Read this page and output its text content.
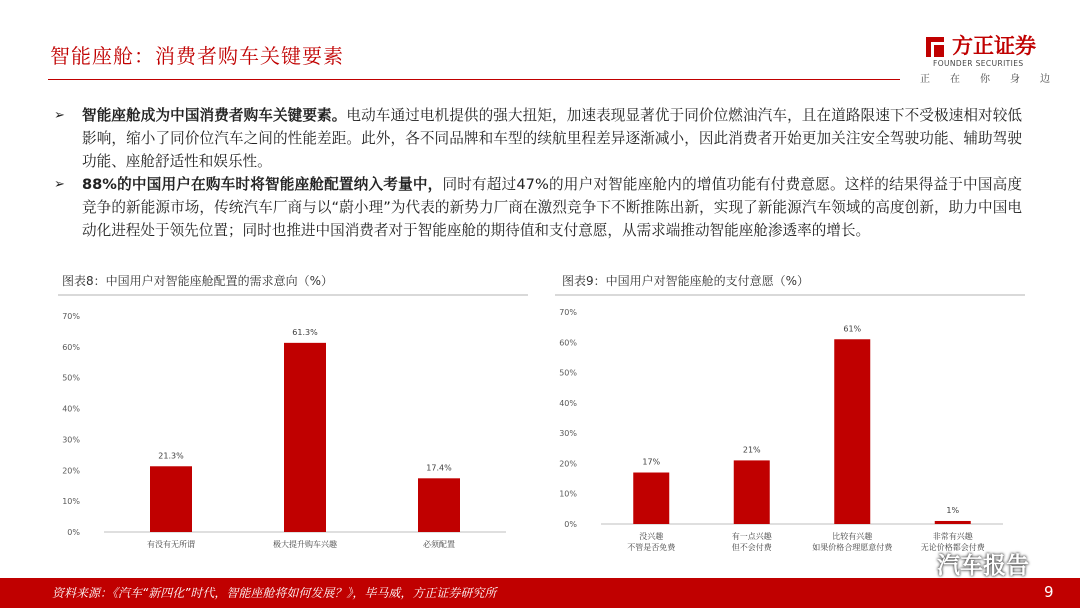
智能座舱：消费者购车关键要素	方正证券
FOUNDER SECURITIES
正 在 你 身 边
➢ 智能座舱成为中国消费者购车关键要素。电动车通过电机提供的强大扭矩，加速表现显著优于同价位燃油汽车，且在道路限速下不受极速相对较低影响，缩小了同价位汽车之间的性能差距。此外，各不同品牌和车型的续航里程差异逐渐减小，因此消费者开始更加关注安全驾驶功能、辅助驾驶功能、座舱舒适性和娱乐性。
➢ 88%的中国用户在购车时将智能座舱配置纳入考量中，同时有超过47%的用户对智能座舱内的增值功能有付费意愿。这样的结果得益于中国高度竞争的新能源市场，传统汽车厂商与以“蔚小理”为代表的新势力厂商在激烈竞争下不断推陈出新，实现了新能源汽车领域的高度创新，助力中国电动化进程处于领先位置；同时也推进中国消费者对于智能座舱的期待值和支付意愿，从需求端推动智能座舱渗透率的增长。
图表8：中国用户对智能座舱配置的需求意向（%）
0%
10%
20%
30%
40%
50%
60%
70%
21.3%
有没有无所谓
61.3%
极大提升购车兴趣
17.4%
必须配置
图表9：中国用户对智能座舱的支付意愿（%）
0%
10%
20%
30%
40%
50%
60%
70%
17%
没兴趣
不管是否免费
21%
有一点兴趣
但不会付费
61%
比较有兴趣
如果价格合理愿意付费
1%
非常有兴趣
无论价格都会付费
资料来源：《汽车“新四化”时代，智能座舱将如何发展？》，毕马威，方正证券研究所	9
汽车报告
